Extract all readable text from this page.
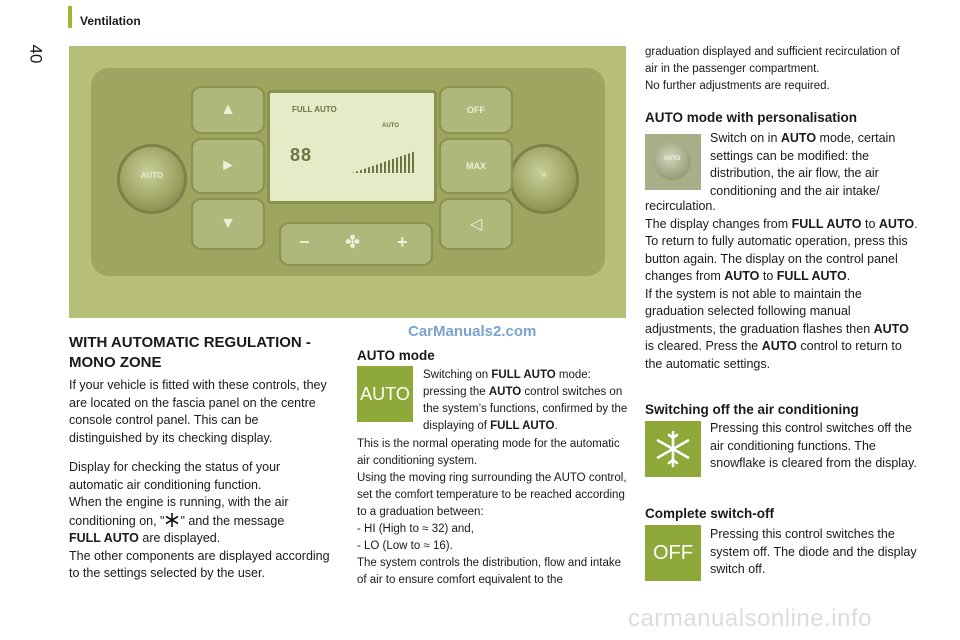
Ventilation
40
AUTO	✳
▲
►
▼
OFF
MAX
◁
FULL AUTO
AUTO
88
− ✤ +
CarManuals2.com
WITH AUTOMATIC REGULATION - MONO ZONE
If your vehicle is fitted with these controls, they are located on the fascia panel on the centre console control panel. This can be distinguished by its checking display.
Display for checking the status of your automatic air conditioning function.
When the engine is running, with the air conditioning on, " " and the message
FULL AUTO are displayed.
The other components are displayed according to the settings selected by the user.
AUTO mode
AUTO
Switching on FULL AUTO mode: pressing the AUTO control switches on the system’s functions, confirmed by the displaying of FULL AUTO.
This is the normal operating mode for the automatic air conditioning system.
Using the moving ring surrounding the AUTO control, set the comfort temperature to be reached according to a graduation between:
- HI (High to ≈ 32) and,
- LO (Low to ≈ 16).
The system controls the distribution, flow and intake of air to ensure comfort equivalent to the
graduation displayed and sufficient recirculation of air in the passenger compartment.
No further adjustments are required.
AUTO mode with personalisation
AUTO
Switch on in AUTO mode, certain settings can be modified: the distribution, the air flow, the air conditioning and the air intake/
recirculation.
The display changes from FULL AUTO to AUTO.
To return to fully automatic operation, press this button again. The display on the control panel changes from AUTO to FULL AUTO.
If the system is not able to maintain the graduation selected following manual adjustments, the graduation flashes then AUTO is cleared. Press the AUTO control to return to the automatic settings.
Switching off the air conditioning
Pressing this control switches off the air conditioning functions. The snowflake is cleared from the display.
Complete switch-off
OFF
Pressing this control switches the system off. The diode and the display switch off.
carmanualsonline.info
